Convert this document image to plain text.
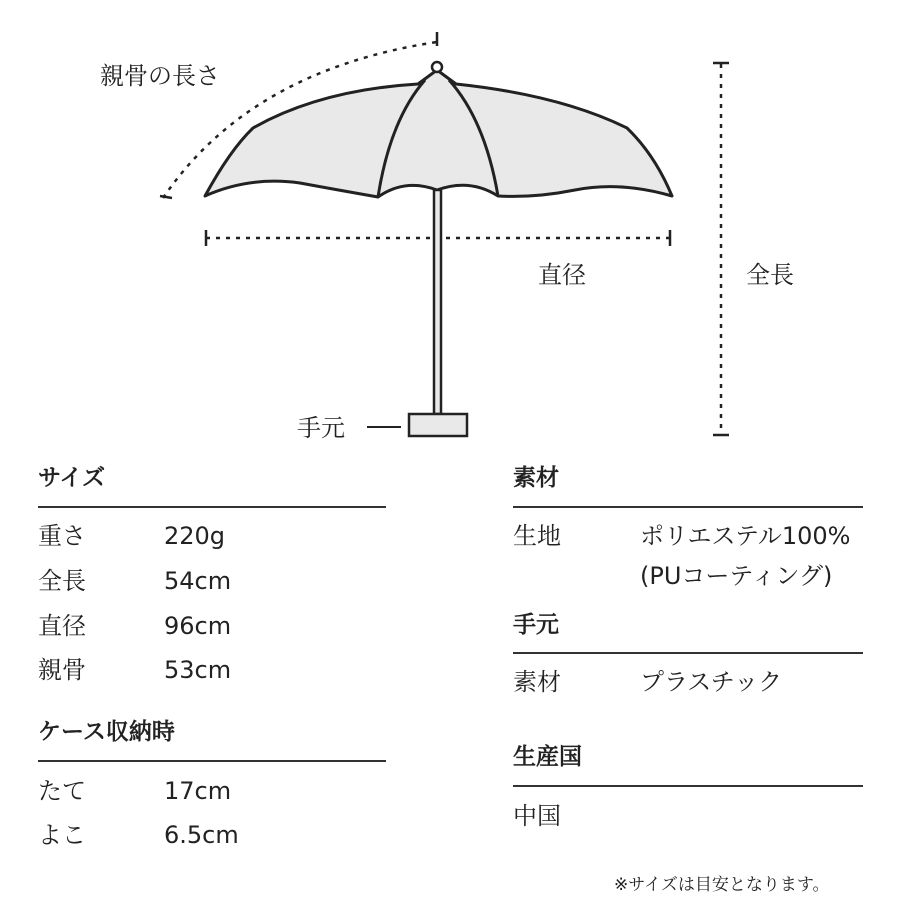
親骨の長さ
直径	全長
手元
サイズ
重さ	220g
全長	54cm
直径	96cm
親骨	53cm
ケース収納時
たて	17cm
よこ	6.5cm
素材
生地	ポリエステル100%
(PUコーティング)
手元
素材	プラスチック
生産国
中国
※サイズは目安となります。
